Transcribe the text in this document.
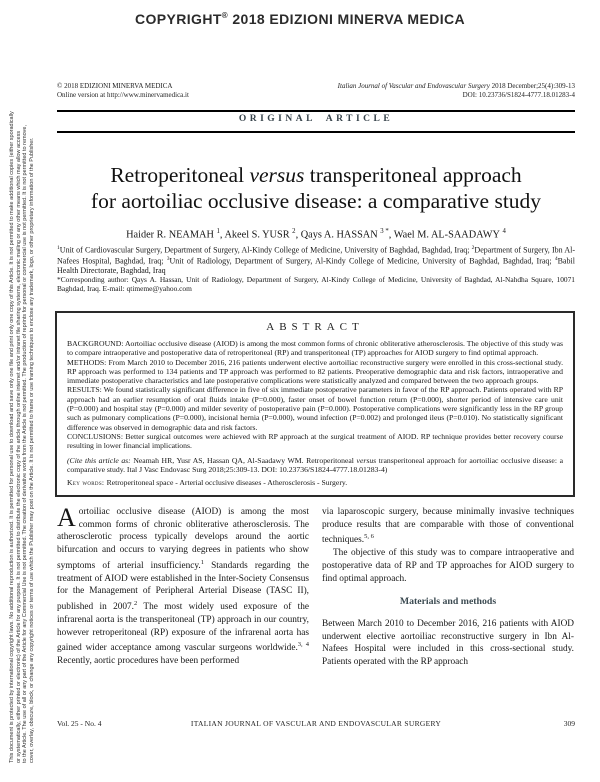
COPYRIGHT® 2018 EDIZIONI MINERVA MEDICA
This document is protected by international copyright laws. No additional reproduction is authorized. It is permitted for personal use to download and save only one file and print only one copy of this Article. It is not permitted to make additional copies (either sporadically or systematically, either printed or electronic) of the Article for any purpose. It is not permitted to distribute the electronic copy of the article through online internet and/or intranet file sharing systems, electronic mailing or any other means which may allow access to the Article. The use of all or any part of the Article for any Commercial Use is not permitted. The creation of derivative works from the Article is not permitted. The production of reprints for personal or commercial use is not permitted. It is not permitted to remove, cover, overlay, obscure, block, or change any copyright notices or terms of use which the Publisher may post on the Article. It is not permitted to frame or use framing techniques to enclose any trademark, logo, or other proprietary information of the Publisher.
© 2018 EDIZIONI MINERVA MEDICA
Online version at http://www.minervamedica.it
Italian Journal of Vascular and Endovascular Surgery 2018 December;25(4):309-13
DOI: 10.23736/S1824-4777.18.01283-4
ORIGINAL ARTICLE
Retroperitoneal versus transperitoneal approach
for aortoiliac occlusive disease: a comparative study
Haider R. NEAMAH $^1$, Akeel S. YUSR $^2$, Qays A. HASSAN $^{3 *}$, Wael M. AL-SAADAWY $^4$

$^1$Unit of Cardiovascular Surgery, Department of Surgery, Al-Kindy College of Medicine, University of Baghdad, Baghdad, Iraq; $^2$Department of Surgery, Ibn Al-Nafees Hospital, Baghdad, Iraq; $^3$Unit of Radiology, Department of Surgery, Al-Kindy College of Medicine, University of Baghdad, Baghdad, Iraq; $^4$Babil Health Directorate, Baghdad, Iraq

*Corresponding author: Qays A. Hassan, Unit of Radiology, Department of Surgery, Al-Kindy College of Medicine, University of Baghdad, Al-Nahdha Square, 10071 Baghdad, Iraq. E-mail: qtimeme@yahoo.com

ABSTRACT

BACKGROUND: Aortoiliac occlusive disease (AIOD) is among the most common forms of chronic obliterative atherosclerosis. The objective of this study was to compare intraoperative and postoperative data of retroperitoneal (RP) and transperitoneal (TP) approaches for AIOD surgery to find optimal approach.

METHODS: From March 2010 to December 2016, 216 patients underwent elective aortoiliac reconstructive surgery were enrolled in this cross-sectional study. RP approach was performed to 134 patients and TP approach was performed to 82 patients. Preoperative demographic data and risk factors, intraoperative and immediate postoperative characteristics and late postoperative complications were statistically analyzed and compared between the two approach groups.

RESULTS: We found statistically significant difference in five of six immediate postoperative parameters in favor of the RP approach. Patients operated with RP approach had an earlier resumption of oral fluids intake (P=0.000), faster onset of bowel function return (P=0.000), shorter period of intensive care unit (P=0.000) and hospital stay (P=0.000) and milder severity of postoperative pain (P=0.000). Postoperative complications were significantly less in the RP group such as pulmonary complications (P=0.000), incisional hernia (P=0.000), wound infection (P=0.002) and prolonged ileus (P=0.010). No statistically significant difference was observed in demographic data and risk factors.

CONCLUSIONS: Better surgical outcomes were achieved with RP approach at the surgical treatment of AIOD. RP technique provides better recovery course resulting in lower financial implications.

(Cite this article as: Neamah HR, Yusr AS, Hassan QA, Al-Saadawy WM. Retroperitoneal versus transperitoneal approach for aortoiliac occlusive disease: a comparative study. Ital J Vasc Endovasc Surg 2018;25:309-13. DOI: 10.23736/S1824-4777.18.01283-4)

Key words: Retroperitoneal space - Arterial occlusive diseases - Atherosclerosis - Surgery.

Aortoiliac occlusive disease (AIOD) is among the most common forms of chronic obliterative atherosclerosis. The atherosclerotic process typically develops around the aortic bifurcation and occurs to varying degrees in patients who show symptoms of arterial insufficiency.$^1$ Standards regarding the treatment of AIOD were established in the Inter-Society Consensus for the Management of Peripheral Arterial Disease (TASC II), published in 2007.$^2$ The most widely used exposure of the infrarenal aorta is the transperitoneal (TP) approach in our country, however retroperitoneal (RP) exposure of the infrarenal aorta has gained wider acceptance among vascular surgeons worldwide.$^{3, 4}$ Recently, aortic procedures have been performed

via laparoscopic surgery, because minimally invasive techniques produce results that are comparable with those of conventional techniques.$^{5, 6}$

The objective of this study was to compare intraoperative and postoperative data of RP and TP approaches for AIOD surgery to find optimal approach.

Materials and methods

Between March 2010 to December 2016, 216 patients with AIOD underwent elective aortoiliac reconstructive surgery in Ibn Al-Nafees Hospital were included in this cross-sectional study. Patients operated with the RP approach

ITALIAN JOURNAL OF VASCULAR AND ENDOVASCULAR SURGERY
Vol. 25 - No. 4	309
